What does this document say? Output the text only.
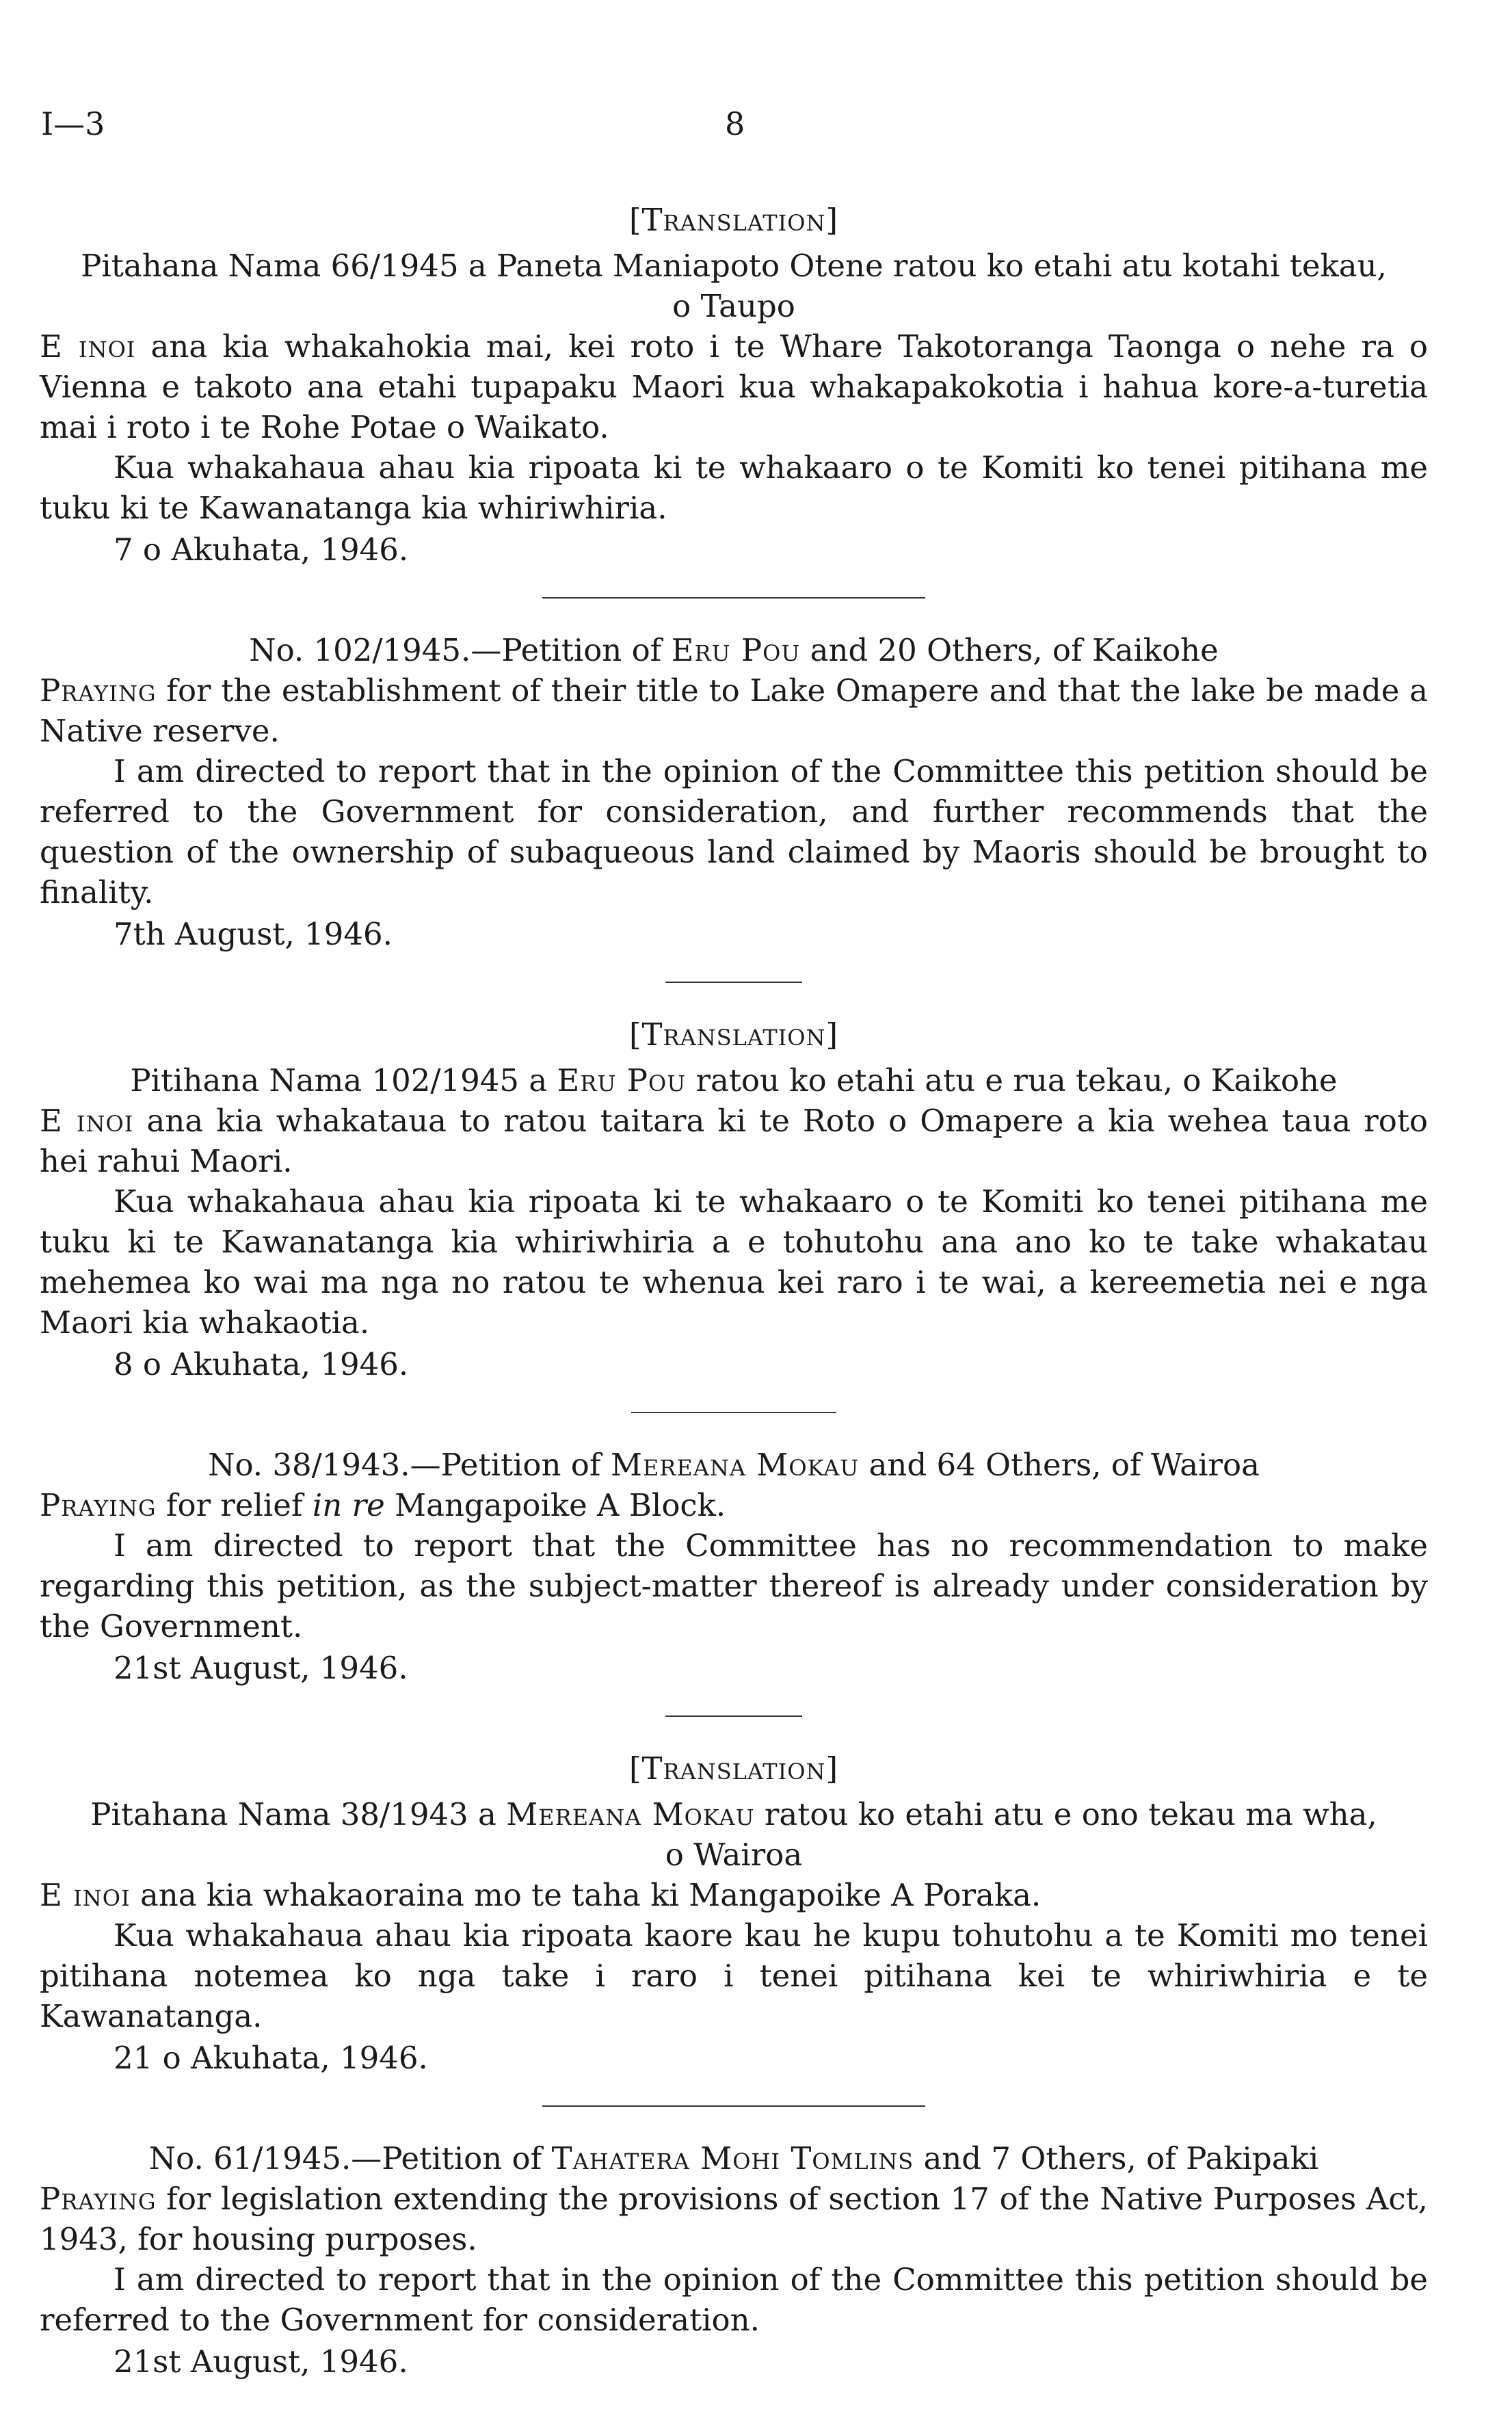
I—3	8
[Translation]

Pitahana Nama 66/1945 a Paneta Maniapoto Otene ratou ko etahi atu kotahi tekau,
o Taupo

E inoi ana kia whakahokia mai, kei roto i te Whare Takotoranga Taonga o nehe ra o Vienna e takoto ana etahi tupapaku Maori kua whakapakokotia i hahua kore-a-turetia mai i roto i te Rohe Potae o Waikato.

Kua whakahaua ahau kia ripoata ki te whakaaro o te Komiti ko tenei pitihana me tuku ki te Kawanatanga kia whiriwhiria.

7 o Akuhata, 1946.

No. 102/1945.—Petition of Eru Pou and 20 Others, of Kaikohe

Praying for the establishment of their title to Lake Omapere and that the lake be made a Native reserve.

I am directed to report that in the opinion of the Committee this petition should be referred to the Government for consideration, and further recommends that the question of the ownership of subaqueous land claimed by Maoris should be brought to finality.

7th August, 1946.

[Translation]

Pitihana Nama 102/1945 a Eru Pou ratou ko etahi atu e rua tekau, o Kaikohe

E inoi ana kia whakataua to ratou taitara ki te Roto o Omapere a kia wehea taua roto hei rahui Maori.

Kua whakahaua ahau kia ripoata ki te whakaaro o te Komiti ko tenei pitihana me tuku ki te Kawanatanga kia whiriwhiria a e tohutohu ana ano ko te take whakatau mehemea ko wai ma nga no ratou te whenua kei raro i te wai, a kereemetia nei e nga Maori kia whakaotia.

8 o Akuhata, 1946.

No. 38/1943.—Petition of Mereana Mokau and 64 Others, of Wairoa

Praying for relief in re Mangapoike A Block.

I am directed to report that the Committee has no recommendation to make regarding this petition, as the subject-matter thereof is already under consideration by the Government.

21st August, 1946.

[Translation]

Pitahana Nama 38/1943 a Mereana Mokau ratou ko etahi atu e ono tekau ma wha,
o Wairoa

E inoi ana kia whakaoraina mo te taha ki Mangapoike A Poraka.

Kua whakahaua ahau kia ripoata kaore kau he kupu tohutohu a te Komiti mo tenei pitihana notemea ko nga take i raro i tenei pitihana kei te whiriwhiria e te Kawanatanga.

21 o Akuhata, 1946.

No. 61/1945.—Petition of Tahatera Mohi Tomlins and 7 Others, of Pakipaki

Praying for legislation extending the provisions of section 17 of the Native Purposes Act, 1943, for housing purposes.

I am directed to report that in the opinion of the Committee this petition should be referred to the Government for consideration.

21st August, 1946.
